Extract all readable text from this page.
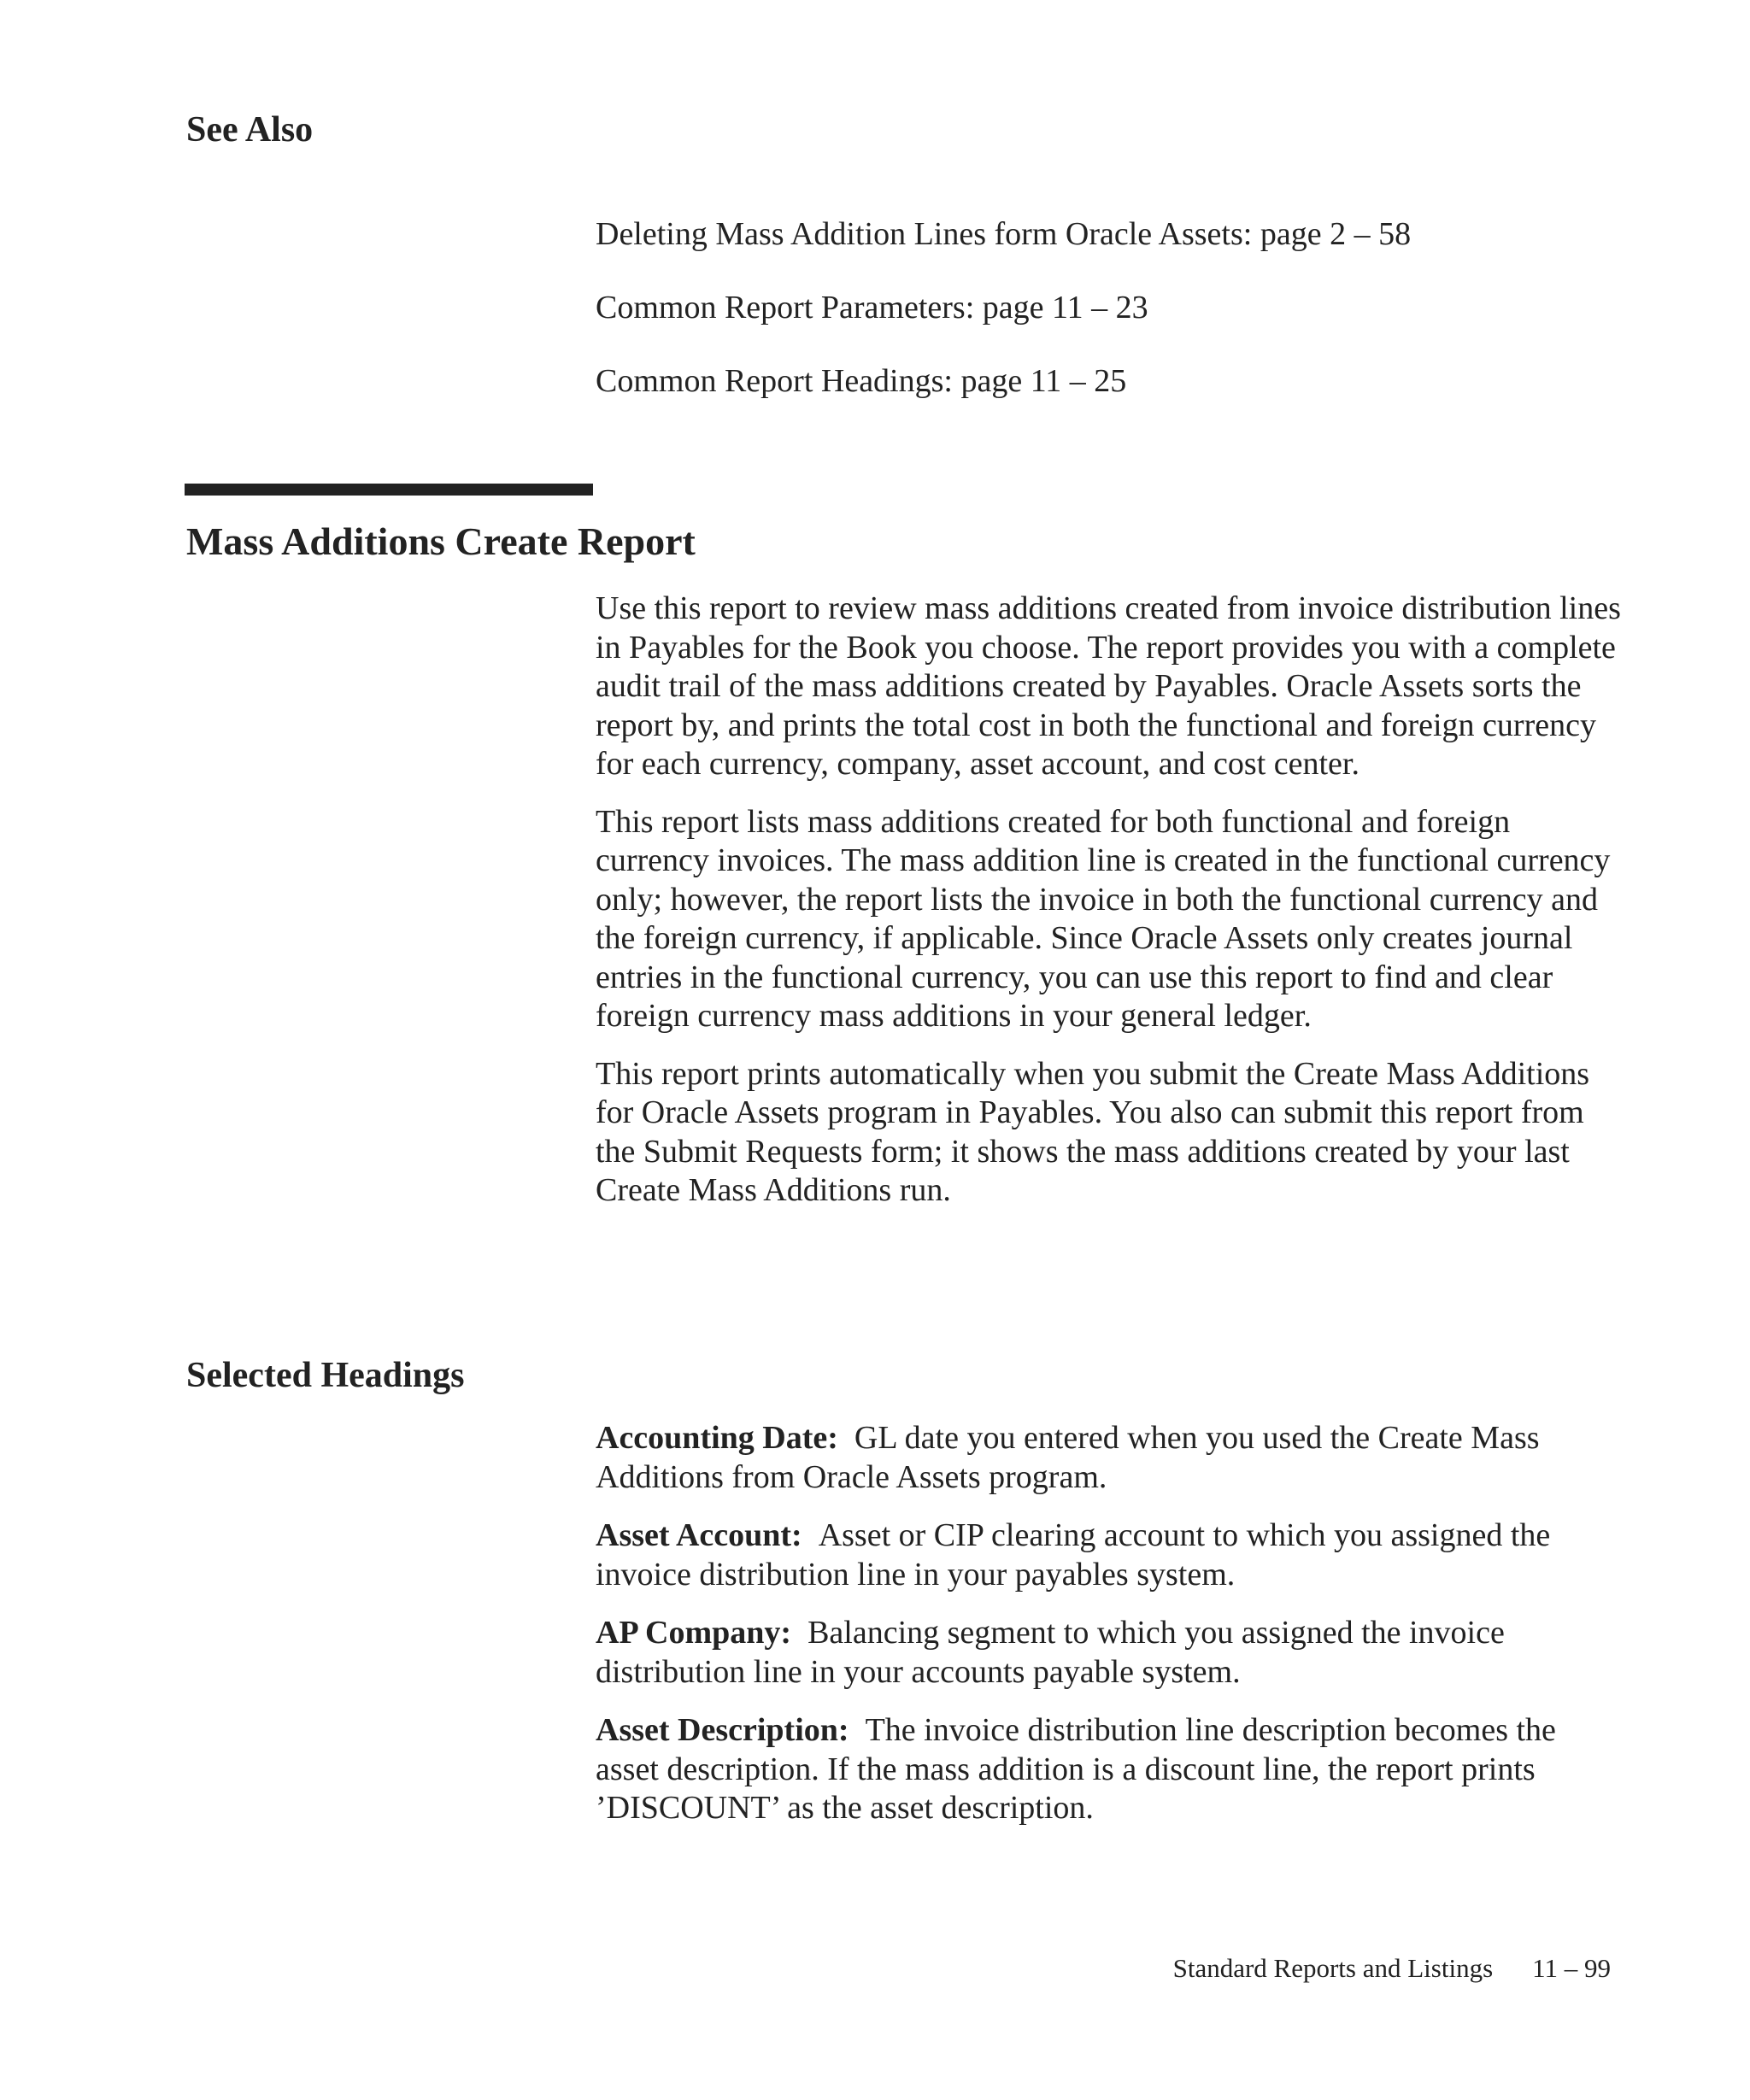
See Also

Deleting Mass Addition Lines form Oracle Assets: page 2 – 58

Common Report Parameters: page 11 – 23

Common Report Headings: page 11 – 25

Mass Additions Create Report

Use this report to review mass additions created from invoice distribution lines in Payables for the Book you choose. The report provides you with a complete audit trail of the mass additions created by Payables. Oracle Assets sorts the report by, and prints the total cost in both the functional and foreign currency for each currency, company, asset account, and cost center.

This report lists mass additions created for both functional and foreign currency invoices. The mass addition line is created in the functional currency only; however, the report lists the invoice in both the functional currency and the foreign currency, if applicable. Since Oracle Assets only creates journal entries in the functional currency, you can use this report to find and clear foreign currency mass additions in your general ledger.

This report prints automatically when you submit the Create Mass Additions for Oracle Assets program in Payables. You also can submit this report from the Submit Requests form; it shows the mass additions created by your last Create Mass Additions run.

Selected Headings

Accounting Date: GL date you entered when you used the Create Mass Additions from Oracle Assets program.

Asset Account: Asset or CIP clearing account to which you assigned the invoice distribution line in your payables system.

AP Company: Balancing segment to which you assigned the invoice distribution line in your accounts payable system.

Asset Description: The invoice distribution line description becomes the asset description. If the mass addition is a discount line, the report prints ’DISCOUNT’ as the asset description.

Standard Reports and Listings 11 – 99
